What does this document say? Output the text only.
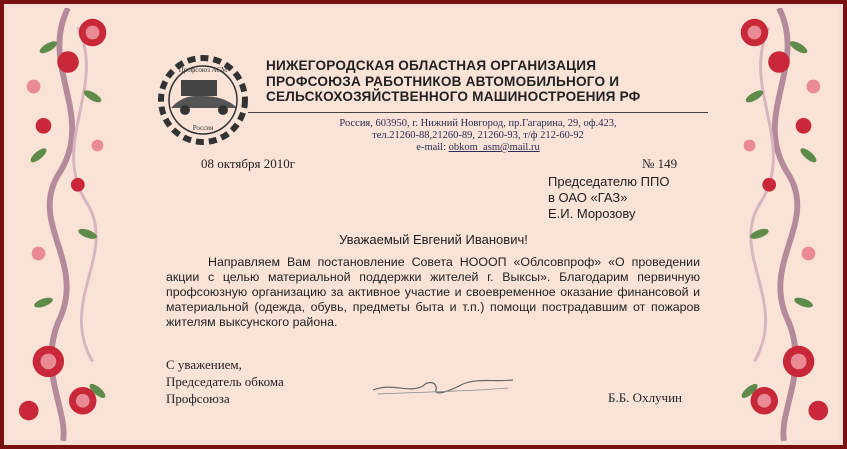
Профсоюз АСМ
Россия
НИЖЕГОРОДСКАЯ ОБЛАСТНАЯ ОРГАНИЗАЦИЯ
ПРОФСОЮЗА РАБОТНИКОВ АВТОМОБИЛЬНОГО И
СЕЛЬСКОХОЗЯЙСТВЕННОГО МАШИНОСТРОЕНИЯ РФ
Россия, 603950, г. Нижний Новгород, пр.Гагарина, 29, оф.423,
тел.21260-88,21260-89, 21260-93, т/ф 212-60-92
e-mail: obkom_asm@mail.ru
08 октября 2010г	№ 149
Председателю ППО
в ОАО «ГАЗ»
Е.И. Морозову
Уважаемый Евгений Иванович!
Направляем Вам постановление Совета НОООП «Облсовпроф» «О проведении акции с целью материальной поддержки жителей г. Выксы». Благодарим первичную профсоюзную организацию за активное участие и своевременное оказание финансовой и материальной (одежда, обувь, предметы быта и т.п.) помощи пострадавшим от пожаров жителям выксунского района.
С уважением,
Председатель обкома
Профсоюза	Б.Б. Охлучин
